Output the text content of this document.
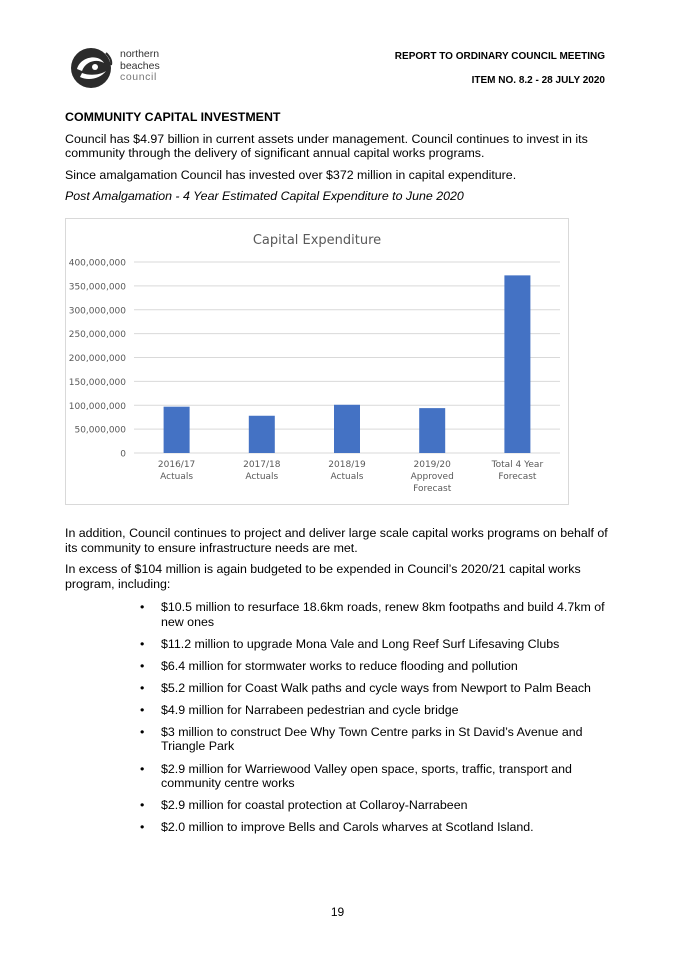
northern
beaches
council
REPORT TO ORDINARY COUNCIL MEETING
ITEM NO. 8.2 - 28 JULY 2020

COMMUNITY CAPITAL INVESTMENT

Council has $4.97 billion in current assets under management. Council continues to invest in its community through the delivery of significant annual capital works programs.

Since amalgamation Council has invested over $372 million in capital expenditure.

Post Amalgamation - 4 Year Estimated Capital Expenditure to June 2020

Capital Expenditure
0
50,000,000
100,000,000
150,000,000
200,000,000
250,000,000
300,000,000
350,000,000
400,000,000
2016/17 Actuals
2017/18 Actuals
2018/19 Actuals
2019/20 Approved Forecast
Total 4 Year Forecast

In addition, Council continues to project and deliver large scale capital works programs on behalf of its community to ensure infrastructure needs are met.

In excess of $104 million is again budgeted to be expended in Council’s 2020/21 capital works program, including:

• $10.5 million to resurface 18.6km roads, renew 8km footpaths and build 4.7km of new ones
• $11.2 million to upgrade Mona Vale and Long Reef Surf Lifesaving Clubs
• $6.4 million for stormwater works to reduce flooding and pollution
• $5.2 million for Coast Walk paths and cycle ways from Newport to Palm Beach
• $4.9 million for Narrabeen pedestrian and cycle bridge
• $3 million to construct Dee Why Town Centre parks in St David’s Avenue and Triangle Park
• $2.9 million for Warriewood Valley open space, sports, traffic, transport and community centre works
• $2.9 million for coastal protection at Collaroy-Narrabeen
• $2.0 million to improve Bells and Carols wharves at Scotland Island.
19
